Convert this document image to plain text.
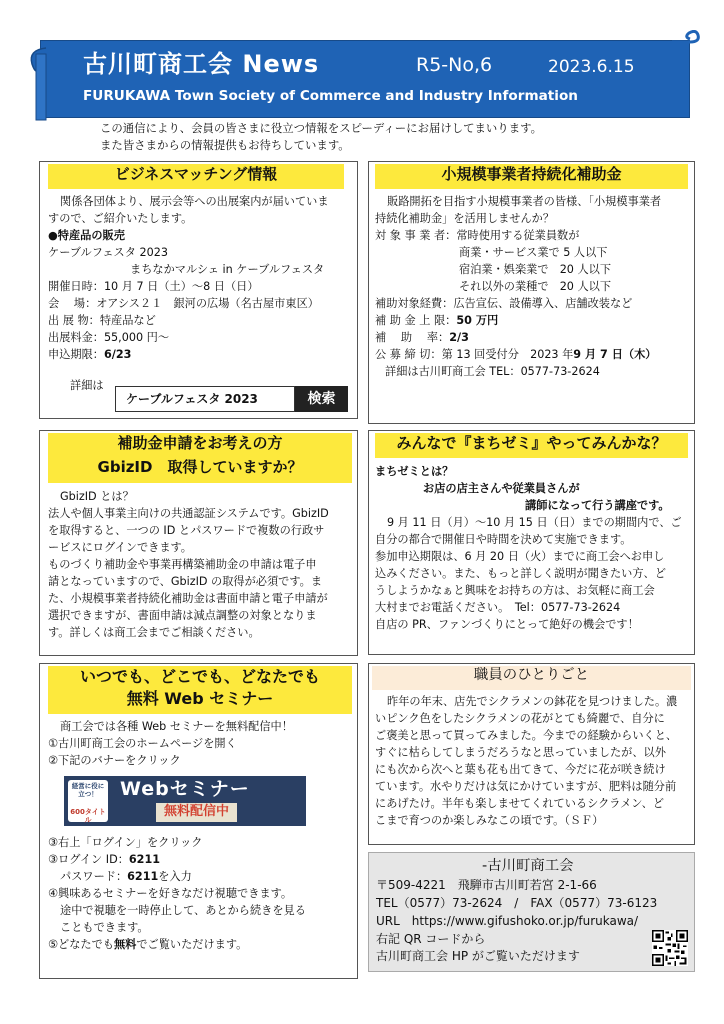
古川町商工会 News	R5-No,6	2023.6.15
FURUKAWA Town Society of Commerce and Industry Information

この通信により、会員の皆さまに役立つ情報をスピーディーにお届けしてまいります。

また皆さまからの情報提供もお待ちしています。

ビジネスマッチング情報

関係各団体より、展示会等への出展案内が届いていま

すので、ご紹介いたします。

●特産品の販売

ケーブルフェスタ 2023

まちなかマルシェ in ケーブルフェスタ

開催日時：10 月 7 日（土）～8 日（日）

会　 場：オアシス２１　銀河の広場（名古屋市東区）

出 展 物：特産品など

出展料金：55,000 円～

申込期限：6/23

詳細は
ケーブルフェスタ 2023	検索
小規模事業者持続化補助金

販路開拓を目指す小規模事業者の皆様、「小規模事業者

持続化補助金」を活用しませんか？

対 象 事 業 者：常時使用する従業員数が

商業・サービス業で 5 人以下

宿泊業・娯楽業で　20 人以下

それ以外の業種で　20 人以下

補助対象経費：広告宣伝、設備導入、店舗改装など

補 助 金 上 限：50 万円

補　 助　 率：2/3

公 募 締 切：第 13 回受付分　2023 年9 月 7 日（木）

詳細は古川町商工会 TEL：0577-73-2624

補助金申請をお考えの方
GbizID　取得していますか？

GbizID とは？

法人や個人事業主向けの共通認証システムです。GbizID

を取得すると、一つの ID とパスワードで複数の行政サ

ービスにログインできます。

ものづくり補助金や事業再構築補助金の申請は電子申

請となっていますので、GbizID の取得が必須です。ま

た、小規模事業者持続化補助金は書面申請と電子申請が

選択できますが、書面申請は減点調整の対象となりま

す。詳しくは商工会までご相談ください。

みんなで『まちゼミ』やってみんかな？

まちゼミとは？

お店の店主さんや従業員さんが

講師になって行う講座です。

9 月 11 日（月）～10 月 15 日（日）までの期間内で、ご

自分の都合で開催日や時間を決めて実施できます。

参加申込期限は、6 月 20 日（火）までに商工会へお申し

込みください。また、もっと詳しく説明が聞きたい方、ど

うしようかなぁと興味をお持ちの方は、お気軽に商工会

大村までお電話ください。　Tel：0577-73-2624

自店の PR、ファンづくりにとって絶好の機会です！

いつでも、どこでも、どなたでも
無料 Web セミナー

商工会では各種 Web セミナーを無料配信中！

①古川町商工会のホームページを開く

②下記のバナーをクリック

経営に役に立つ！
600タイトル
Webセミナー
無料配信中

③右上「ログイン」をクリック

③ログイン ID：6211

パスワード：6211を入力

④興味あるセミナーを好きなだけ視聴できます。

途中で視聴を一時停止して、あとから続きを見る

こともできます。

⑤どなたでも無料でご覧いただけます。

職員のひとりごと

昨年の年末、店先でシクラメンの鉢花を見つけました。濃

いピンク色をしたシクラメンの花がとても綺麗で、自分に

ご褒美と思って買ってみました。今までの経験からいくと、

すぐに枯らしてしまうだろうなと思っていましたが、以外

にも次から次へと葉も花も出てきて、今だに花が咲き続け

ています。水やりだけは気にかけていますが、肥料は随分前

にあげたけ。半年も楽しませてくれているシクラメン、ど

こまで育つのか楽しみなこの頃です。（ＳＦ）

-古川町商工会

〒509-4221　飛騨市古川町若宮 2-1-66

TEL（0577）73-2624　/　FAX（0577）73-6123

URL　https://www.gifushoko.or.jp/furukawa/

右記 QR コードから

古川町商工会 HP がご覧いただけます
